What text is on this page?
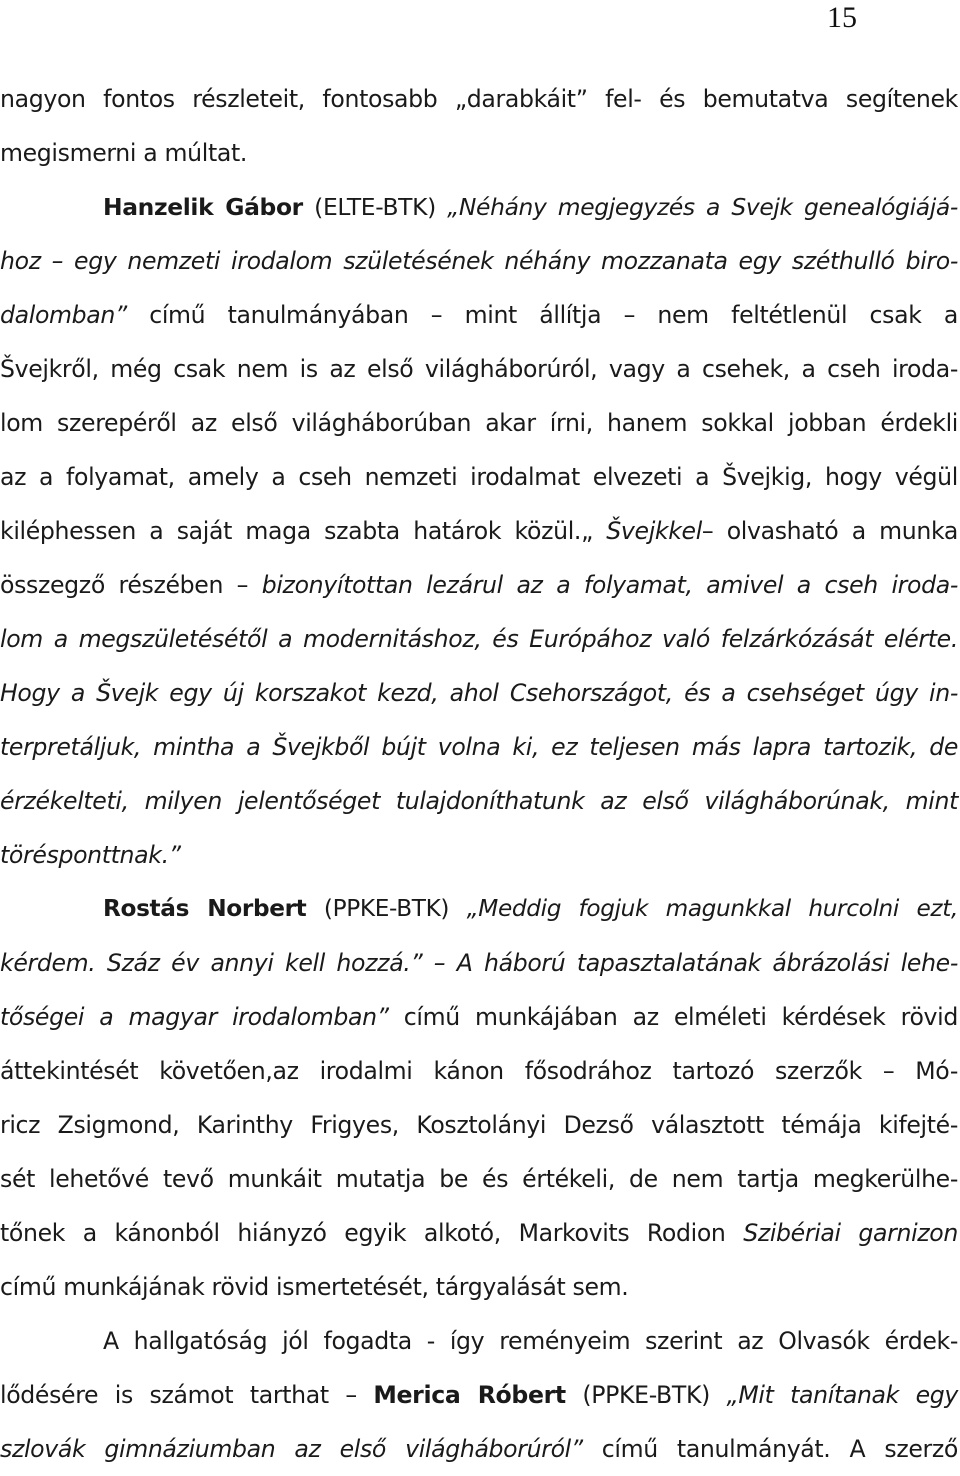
15
nagyon fontos részleteit, fontosabb „darabkáit” fel- és bemutatva segítenek
megismerni a múltat.
Hanzelik Gábor (ELTE-BTK) „Néhány megjegyzés a Svejk genealógiájá-
hoz – egy nemzeti irodalom születésének néhány mozzanata egy széthulló biro-
dalomban” című tanulmányában – mint állítja – nem feltétlenül csak a
Švejkről, még csak nem is az első világháborúról, vagy a csehek, a cseh iroda-
lom szerepéről az első világháborúban akar írni, hanem sokkal jobban érdekli
az a folyamat, amely a cseh nemzeti irodalmat elvezeti a Švejkig, hogy végül
kiléphessen a saját maga szabta határok közül.„ Švejkkel– olvasható a munka
összegző részében – bizonyítottan lezárul az a folyamat, amivel a cseh iroda-
lom a megszületésétől a modernitáshoz, és Európához való felzárkózását elérte.
Hogy a Švejk egy új korszakot kezd, ahol Csehországot, és a csehséget úgy in-
terpretáljuk, mintha a Švejkből bújt volna ki, ez teljesen más lapra tartozik, de
érzékelteti, milyen jelentőséget tulajdoníthatunk az első világháborúnak, mint
törésponttnak.”
Rostás Norbert (PPKE-BTK) „Meddig fogjuk magunkkal hurcolni ezt,
kérdem. Száz év annyi kell hozzá.” – A háború tapasztalatának ábrázolási lehe-
tőségei a magyar irodalomban” című munkájában az elméleti kérdések rövid
áttekintését követően,az irodalmi kánon fősodrához tartozó szerzők – Mó-
ricz Zsigmond, Karinthy Frigyes, Kosztolányi Dezső választott témája kifejté-
sét lehetővé tevő munkáit mutatja be és értékeli, de nem tartja megkerülhe-
tőnek a kánonból hiányzó egyik alkotó, Markovits Rodion Szibériai garnizon
című munkájának rövid ismertetését, tárgyalását sem.
A hallgatóság jól fogadta - így reményeim szerint az Olvasók érdek-
lődésére is számot tarthat – Merica Róbert (PPKE-BTK) „Mit tanítanak egy
szlovák gimnáziumban az első világháborúról” című tanulmányát. A szerző
